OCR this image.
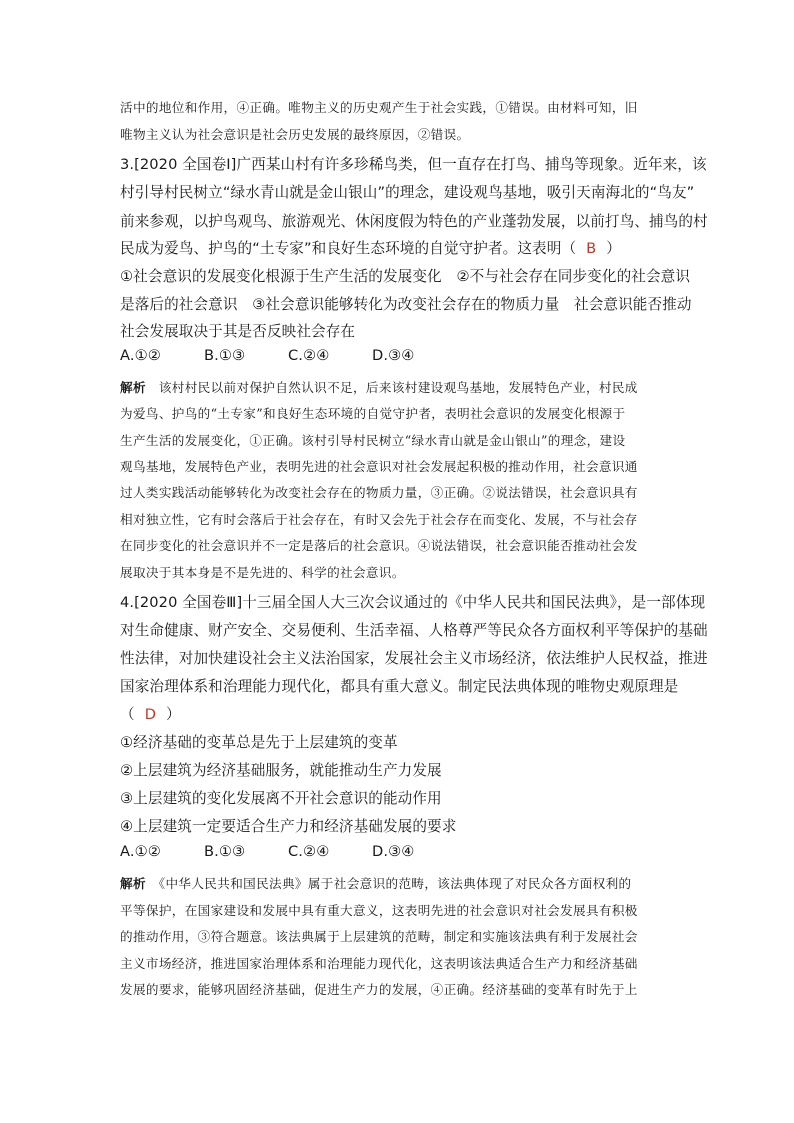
活中的地位和作用，④正确。唯物主义的历史观产生于社会实践，①错误。由材料可知，旧
唯物主义认为社会意识是社会历史发展的最终原因，②错误。
3.[2020 全国卷Ⅰ]广西某山村有许多珍稀鸟类，但一直存在打鸟、捕鸟等现象。近年来，该
村引导村民树立“绿水青山就是金山银山”的理念，建设观鸟基地，吸引天南海北的“鸟友”
前来参观，以护鸟观鸟、旅游观光、休闲度假为特色的产业蓬勃发展，以前打鸟、捕鸟的村
民成为爱鸟、护鸟的“土专家”和良好生态环境的自觉守护者。这表明（ B ）
①社会意识的发展变化根源于生产生活的发展变化　②不与社会存在同步变化的社会意识
是落后的社会意识　③社会意识能够转化为改变社会存在的物质力量　社会意识能否推动
社会发展取决于其是否反映社会存在
A.①②	B.①③	C.②④	D.③④
解析　该村村民以前对保护自然认识不足，后来该村建设观鸟基地，发展特色产业，村民成
为爱鸟、护鸟的“土专家”和良好生态环境的自觉守护者，表明社会意识的发展变化根源于
生产生活的发展变化，①正确。该村引导村民树立“绿水青山就是金山银山”的理念，建设
观鸟基地，发展特色产业，表明先进的社会意识对社会发展起积极的推动作用，社会意识通
过人类实践活动能够转化为改变社会存在的物质力量，③正确。②说法错误，社会意识具有
相对独立性，它有时会落后于社会存在，有时又会先于社会存在而变化、发展，不与社会存
在同步变化的社会意识并不一定是落后的社会意识。④说法错误，社会意识能否推动社会发
展取决于其本身是不是先进的、科学的社会意识。
4.[2020 全国卷Ⅲ]十三届全国人大三次会议通过的《中华人民共和国民法典》，是一部体现
对生命健康、财产安全、交易便利、生活幸福、人格尊严等民众各方面权利平等保护的基础
性法律，对加快建设社会主义法治国家，发展社会主义市场经济，依法维护人民权益，推进
国家治理体系和治理能力现代化，都具有重大意义。制定民法典体现的唯物史观原理是
（ D ）
①经济基础的变革总是先于上层建筑的变革
②上层建筑为经济基础服务，就能推动生产力发展
③上层建筑的变化发展离不开社会意识的能动作用
④上层建筑一定要适合生产力和经济基础发展的要求
A.①②	B.①③	C.②④	D.③④
解析　《中华人民共和国民法典》属于社会意识的范畴，该法典体现了对民众各方面权利的
平等保护，在国家建设和发展中具有重大意义，这表明先进的社会意识对社会发展具有积极
的推动作用，③符合题意。该法典属于上层建筑的范畴，制定和实施该法典有利于发展社会
主义市场经济，推进国家治理体系和治理能力现代化，这表明该法典适合生产力和经济基础
发展的要求，能够巩固经济基础，促进生产力的发展，④正确。经济基础的变革有时先于上
